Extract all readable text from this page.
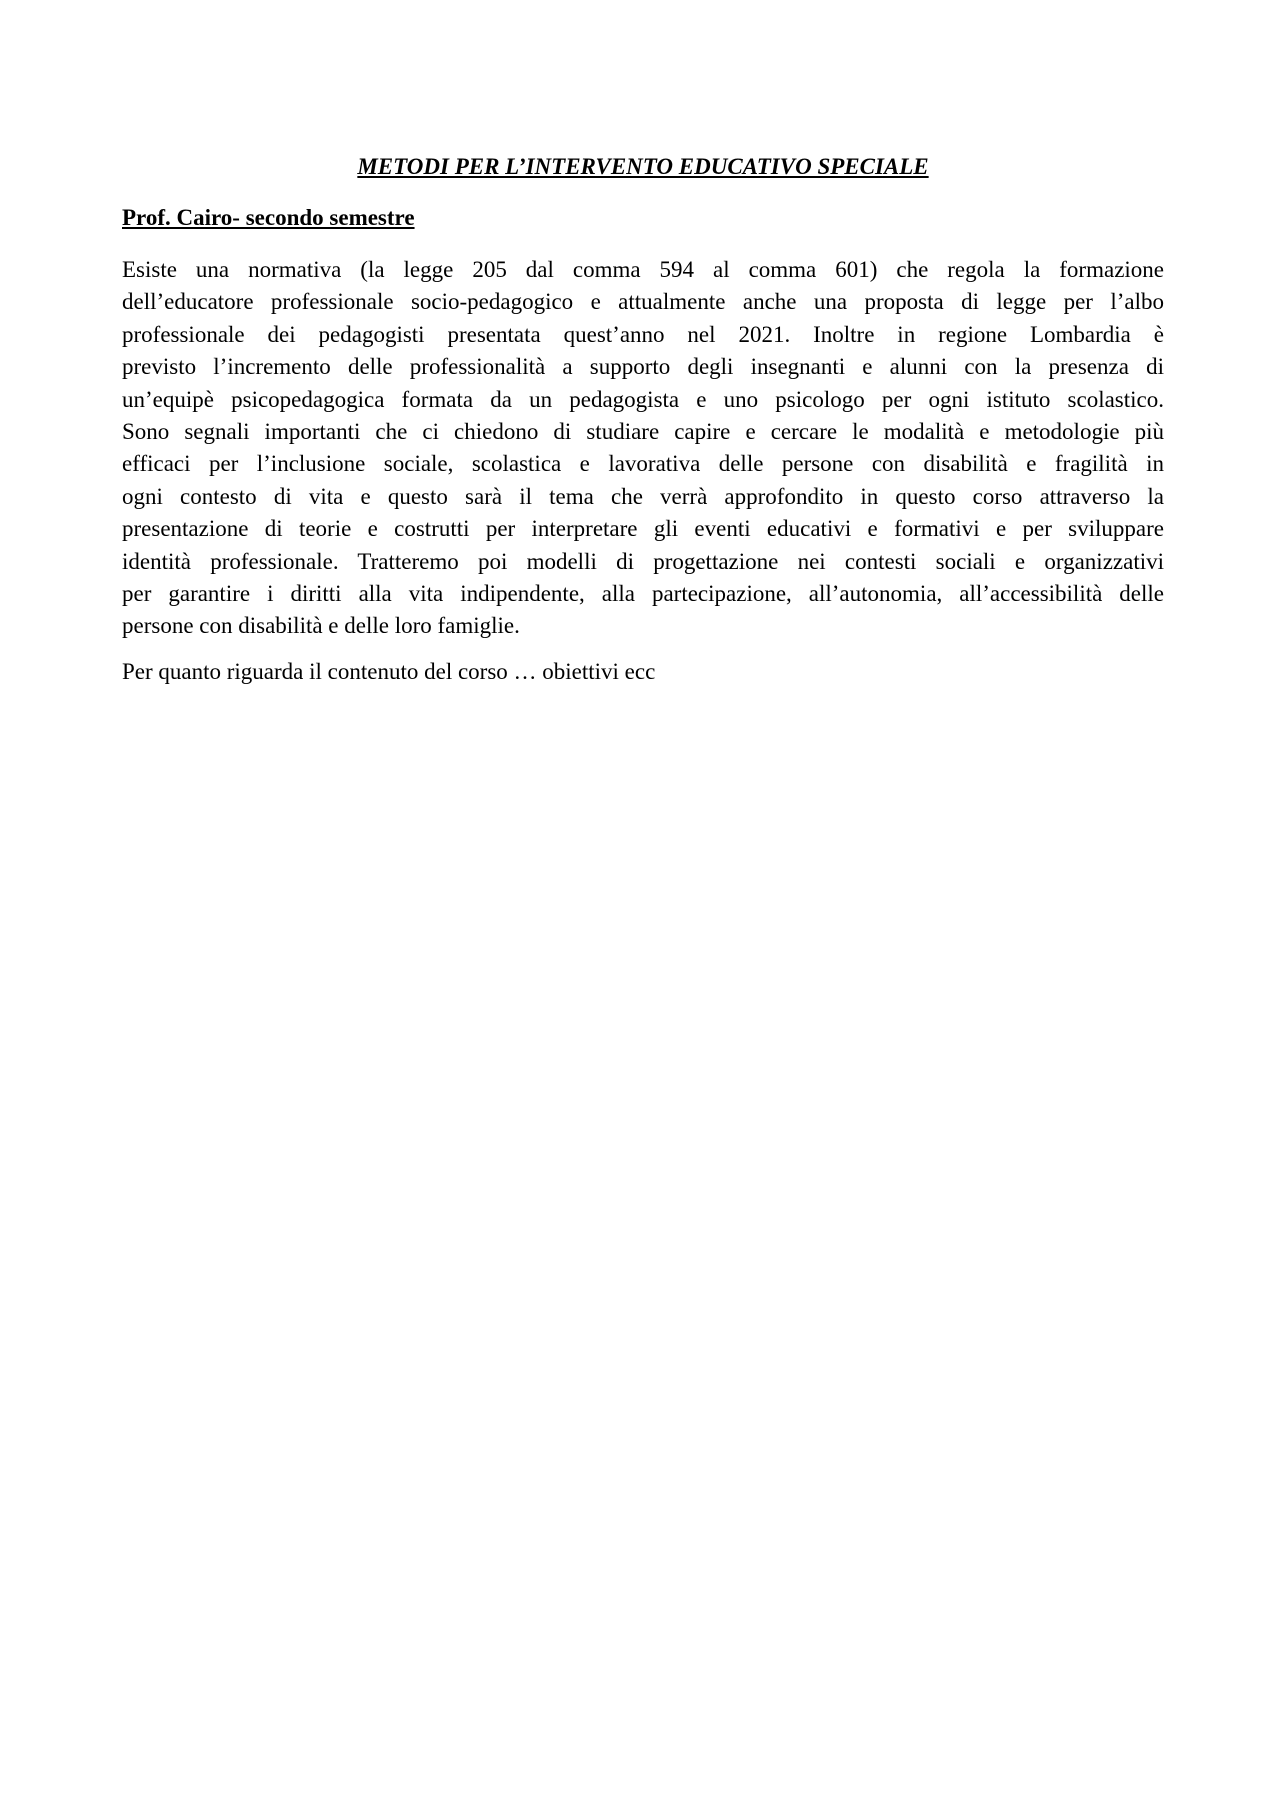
METODI PER L’INTERVENTO EDUCATIVO SPECIALE

Prof. Cairo- secondo semestre

Esiste una normativa (la legge 205 dal comma 594 al comma 601) che regola la formazione
dell’educatore professionale socio-pedagogico e attualmente anche una proposta di legge per l’albo
professionale dei pedagogisti presentata quest’anno nel 2021. Inoltre in regione Lombardia è
previsto l’incremento delle professionalità a supporto degli insegnanti e alunni con la presenza di
un’equipè psicopedagogica formata da un pedagogista e uno psicologo per ogni istituto scolastico.
Sono segnali importanti che ci chiedono di studiare capire e cercare le modalità e metodologie più
efficaci per l’inclusione sociale, scolastica e lavorativa delle persone con disabilità e fragilità in
ogni contesto di vita e questo sarà il tema che verrà approfondito in questo corso attraverso la
presentazione di teorie e costrutti per interpretare gli eventi educativi e formativi e per sviluppare
identità professionale. Tratteremo poi modelli di progettazione nei contesti sociali e organizzativi
per garantire i diritti alla vita indipendente, alla partecipazione, all’autonomia, all’accessibilità delle
persone con disabilità e delle loro famiglie.

Per quanto riguarda il contenuto del corso … obiettivi ecc
